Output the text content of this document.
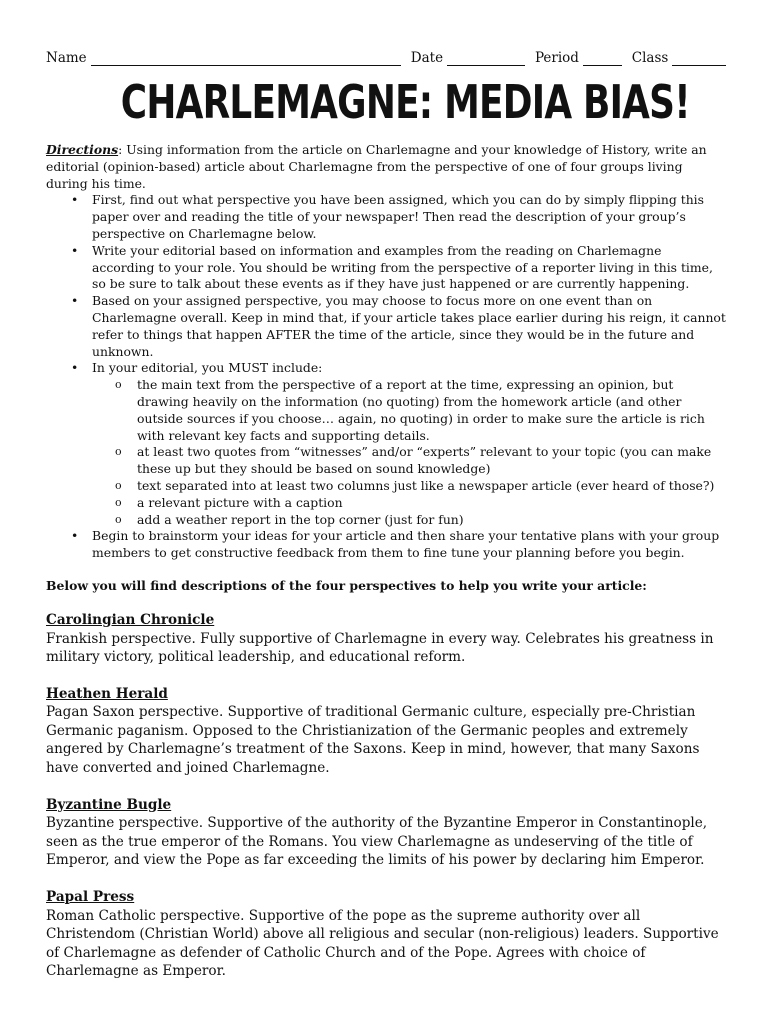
Name	Date	Period	Class
CHARLEMAGNE: MEDIA BIAS!
Directions: Using information from the article on Charlemagne and your knowledge of History, write an editorial (opinion-based) article about Charlemagne from the perspective of one of four groups living during his time.
• First, find out what perspective you have been assigned, which you can do by simply flipping this paper over and reading the title of your newspaper! Then read the description of your group’s perspective on Charlemagne below.
• Write your editorial based on information and examples from the reading on Charlemagne according to your role. You should be writing from the perspective of a reporter living in this time, so be sure to talk about these events as if they have just happened or are currently happening.
• Based on your assigned perspective, you may choose to focus more on one event than on Charlemagne overall. Keep in mind that, if your article takes place earlier during his reign, it cannot refer to things that happen AFTER the time of the article, since they would be in the future and unknown.
• In your editorial, you MUST include:
o the main text from the perspective of a report at the time, expressing an opinion, but drawing heavily on the information (no quoting) from the homework article (and other outside sources if you choose… again, no quoting) in order to make sure the article is rich with relevant key facts and supporting details.
o at least two quotes from “witnesses” and/or “experts” relevant to your topic (you can make these up but they should be based on sound knowledge)
o text separated into at least two columns just like a newspaper article (ever heard of those?)
o a relevant picture with a caption
o add a weather report in the top corner (just for fun)
• Begin to brainstorm your ideas for your article and then share your tentative plans with your group members to get constructive feedback from them to fine tune your planning before you begin.
Below you will find descriptions of the four perspectives to help you write your article:
Carolingian Chronicle
Frankish perspective. Fully supportive of Charlemagne in every way. Celebrates his greatness in military victory, political leadership, and educational reform.
Heathen Herald
Pagan Saxon perspective. Supportive of traditional Germanic culture, especially pre-Christian Germanic paganism. Opposed to the Christianization of the Germanic peoples and extremely angered by Charlemagne’s treatment of the Saxons. Keep in mind, however, that many Saxons have converted and joined Charlemagne.
Byzantine Bugle
Byzantine perspective. Supportive of the authority of the Byzantine Emperor in Constantinople, seen as the true emperor of the Romans. You view Charlemagne as undeserving of the title of Emperor, and view the Pope as far exceeding the limits of his power by declaring him Emperor.
Papal Press
Roman Catholic perspective. Supportive of the pope as the supreme authority over all Christendom (Christian World) above all religious and secular (non-religious) leaders. Supportive of Charlemagne as defender of Catholic Church and of the Pope. Agrees with choice of Charlemagne as Emperor.
